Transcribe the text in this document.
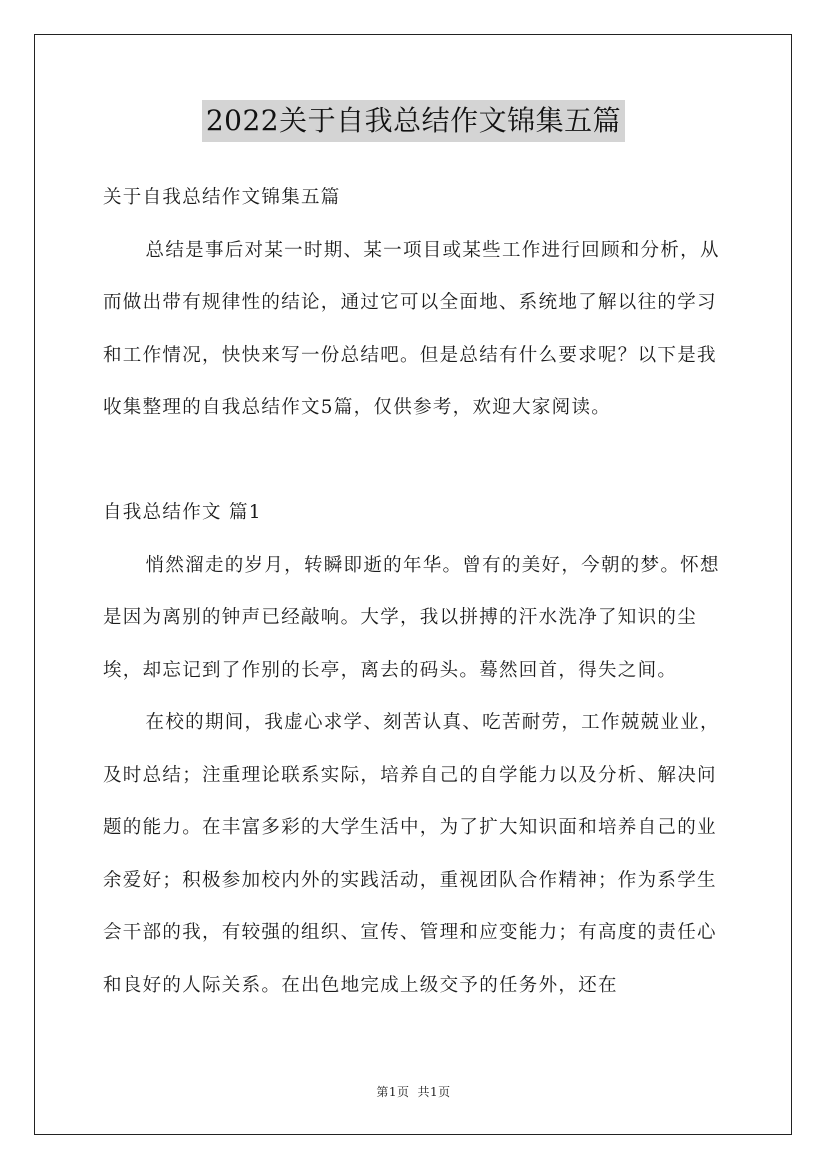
2022关于自我总结作文锦集五篇

关于自我总结作文锦集五篇

总结是事后对某一时期、某一项目或某些工作进行回顾和分析，从而做出带有规律性的结论，通过它可以全面地、系统地了解以往的学习和工作情况，快快来写一份总结吧。但是总结有什么要求呢？以下是我收集整理的自我总结作文5篇，仅供参考，欢迎大家阅读。

自我总结作文 篇1

悄然溜走的岁月，转瞬即逝的年华。曾有的美好，今朝的梦。怀想是因为离别的钟声已经敲响。大学，我以拼搏的汗水洗净了知识的尘埃，却忘记到了作别的长亭，离去的码头。蓦然回首，得失之间。

在校的期间，我虚心求学、刻苦认真、吃苦耐劳，工作兢兢业业，及时总结；注重理论联系实际，培养自己的自学能力以及分析、解决问题的能力。在丰富多彩的大学生活中，为了扩大知识面和培养自己的业余爱好；积极参加校内外的实践活动，重视团队合作精神；作为系学生会干部的我，有较强的组织、宣传、管理和应变能力；有高度的责任心和良好的人际关系。在出色地完成上级交予的任务外，还在

第1页 共1页
